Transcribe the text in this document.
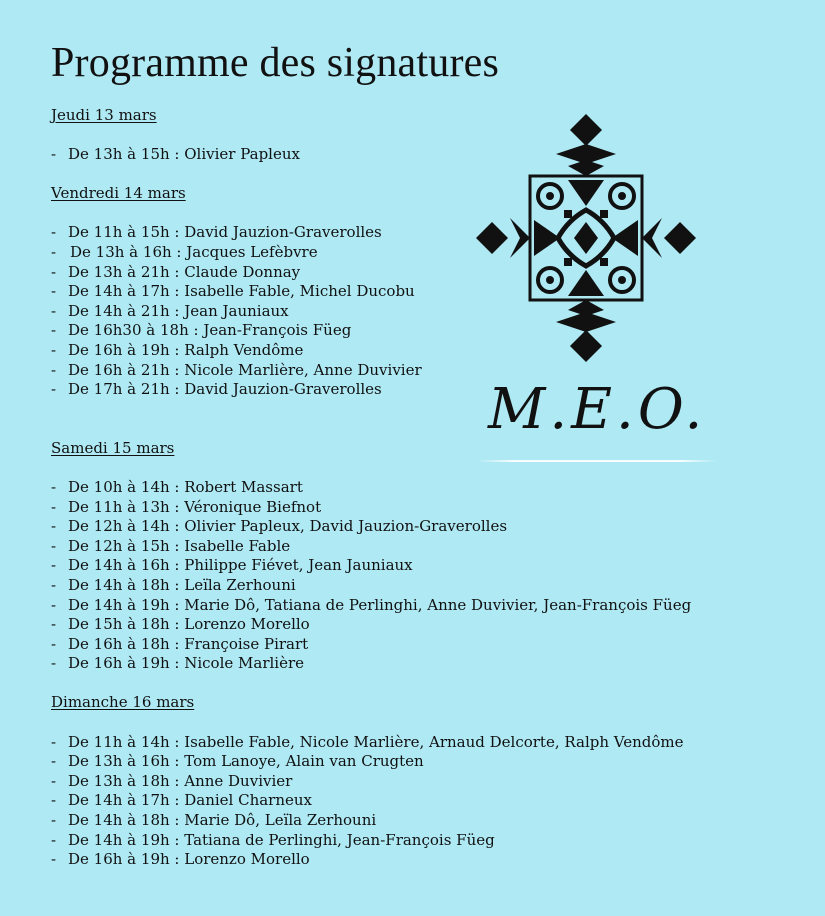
Programme des signatures
Jeudi 13 mars
- De 13h à 15h : Olivier Papleux
Vendredi 14 mars
- De 11h à 15h : David Jauzion-Graverolles
- De 13h à 16h : Jacques Lefèbvre
- De 13h à 21h : Claude Donnay
- De 14h à 17h : Isabelle Fable, Michel Ducobu
- De 14h à 21h : Jean Jauniaux
- De 16h30 à 18h : Jean-François Füeg
- De 16h à 19h : Ralph Vendôme
- De 16h à 21h : Nicole Marlière, Anne Duvivier
- De 17h à 21h : David Jauzion-Graverolles
Samedi 15 mars
- De 10h à 14h : Robert Massart
- De 11h à 13h : Véronique Biefnot
- De 12h à 14h : Olivier Papleux, David Jauzion-Graverolles
- De 12h à 15h : Isabelle Fable
- De 14h à 16h : Philippe Fiévet, Jean Jauniaux
- De 14h à 18h : Leïla Zerhouni
- De 14h à 19h : Marie Dô, Tatiana de Perlinghi, Anne Duvivier, Jean-François Füeg
- De 15h à 18h : Lorenzo Morello
- De 16h à 18h : Françoise Pirart
- De 16h à 19h : Nicole Marlière
Dimanche 16 mars
- De 11h à 14h : Isabelle Fable, Nicole Marlière, Arnaud Delcorte, Ralph Vendôme
- De 13h à 16h : Tom Lanoye, Alain van Crugten
- De 13h à 18h : Anne Duvivier
- De 14h à 17h : Daniel Charneux
- De 14h à 18h : Marie Dô, Leïla Zerhouni
- De 14h à 19h : Tatiana de Perlinghi, Jean-François Füeg
- De 16h à 19h : Lorenzo Morello
M.E.O.
